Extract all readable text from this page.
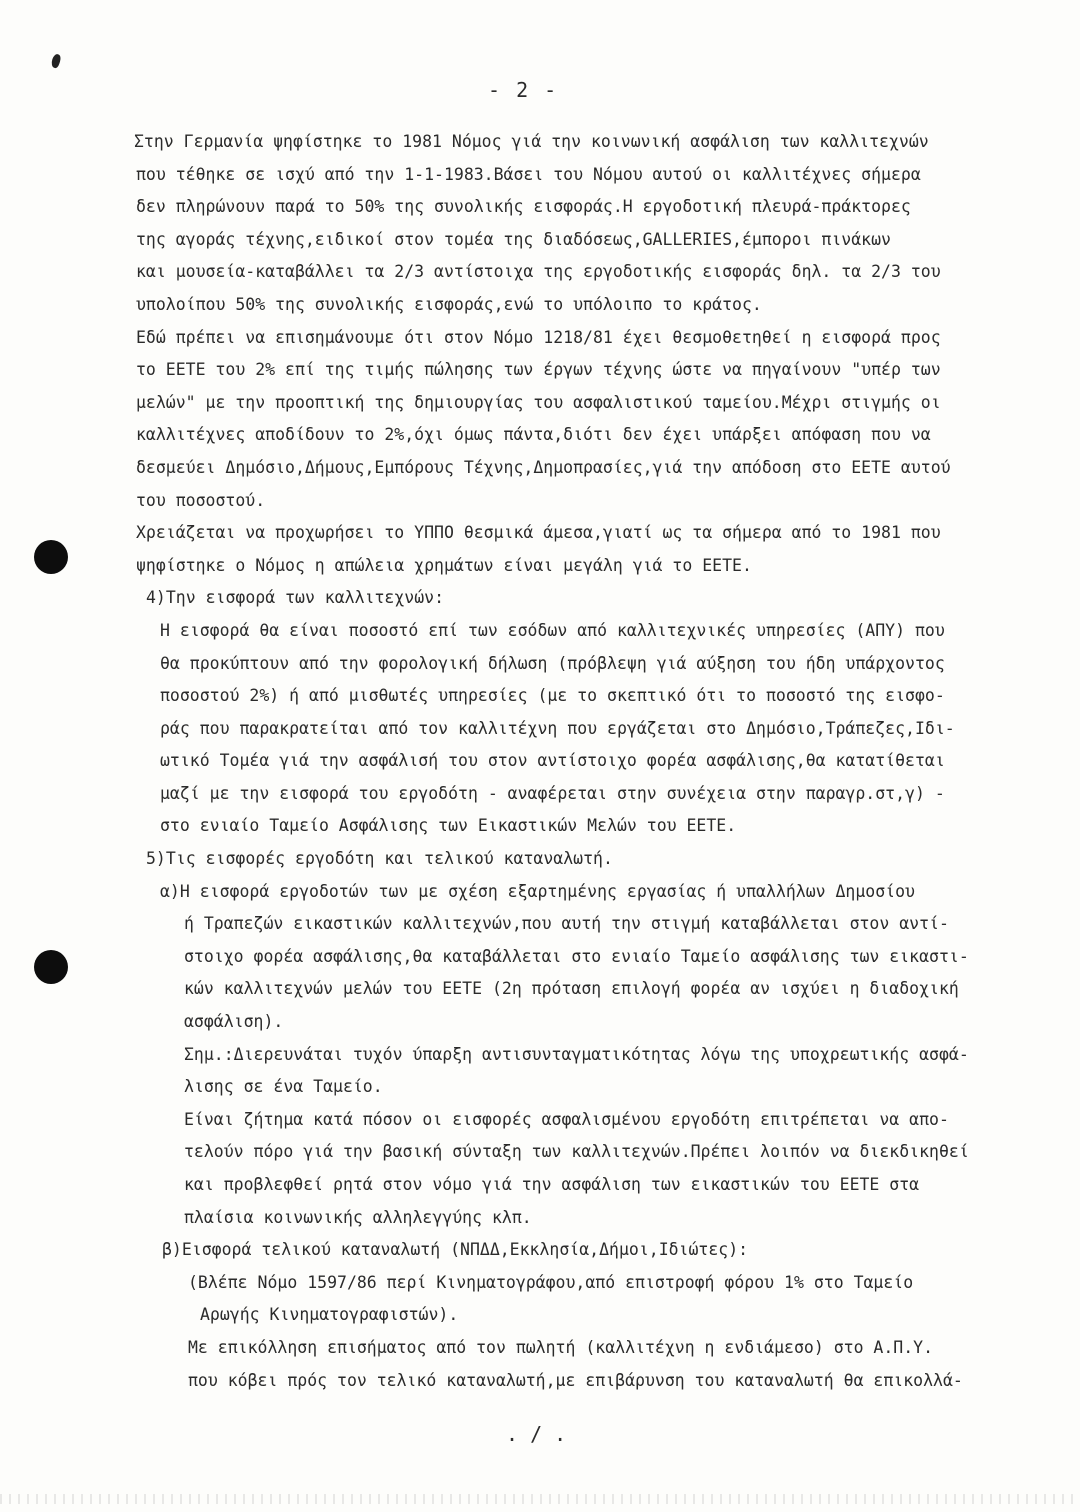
- 2 -
Στην Γερμανία ψηφίστηκε το 1981 Νόμος γιά την κοινωνική ασφάλιση των καλλιτεχνών
που τέθηκε σε ισχύ από την 1-1-1983.Βάσει του Νόμου αυτού οι καλλιτέχνες σήμερα
δεν πληρώνουν παρά το 50% της συνολικής εισφοράς.Η εργοδοτική πλευρά-πράκτορες
της αγοράς τέχνης,ειδικοί στον τομέα της διαδόσεως,GALLERIES,έμποροι πινάκων
και μουσεία-καταβάλλει τα 2/3 αντίστοιχα της εργοδοτικής εισφοράς δηλ. τα 2/3 του
υπολοίπου 50% της συνολικής εισφοράς,ενώ το υπόλοιπο το κράτος.
Εδώ πρέπει να επισημάνουμε ότι στον Νόμο 1218/81 έχει θεσμοθετηθεί η εισφορά προς
το ΕΕΤΕ του 2% επί της τιμής πώλησης των έργων τέχνης ώστε να πηγαίνουν "υπέρ των
μελών" με την προοπτική της δημιουργίας του ασφαλιστικού ταμείου.Μέχρι στιγμής οι
καλλιτέχνες αποδίδουν το 2%,όχι όμως πάντα,διότι δεν έχει υπάρξει απόφαση που να
δεσμεύει Δημόσιο,Δήμους,Εμπόρους Τέχνης,Δημοπρασίες,γιά την απόδοση στο ΕΕΤΕ αυτού
του ποσοστού.
Χρειάζεται να προχωρήσει το ΥΠΠΟ θεσμικά άμεσα,γιατί ως τα σήμερα από το 1981 που
ψηφίστηκε ο Νόμος η απώλεια χρημάτων είναι μεγάλη γιά το ΕΕΤΕ.
4)Την εισφορά των καλλιτεχνών:
Η εισφορά θα είναι ποσοστό επί των εσόδων από καλλιτεχνικές υπηρεσίες (ΑΠΥ) που
θα προκύπτουν από την φορολογική δήλωση (πρόβλεψη γιά αύξηση του ήδη υπάρχοντος
ποσοστού 2%) ή από μισθωτές υπηρεσίες (με το σκεπτικό ότι το ποσοστό της εισφο-
ράς που παρακρατείται από τον καλλιτέχνη που εργάζεται στο Δημόσιο,Τράπεζες,Ιδι-
ωτικό Τομέα γιά την ασφάλισή του στον αντίστοιχο φορέα ασφάλισης,θα κατατίθεται
μαζί με την εισφορά του εργοδότη - αναφέρεται στην συνέχεια στην παραγρ.στ,γ) -
στο ενιαίο Ταμείο Ασφάλισης των Εικαστικών Μελών του ΕΕΤΕ.
5)Τις εισφορές εργοδότη και τελικού καταναλωτή.
α)Η εισφορά εργοδοτών των με σχέση εξαρτημένης εργασίας ή υπαλλήλων Δημοσίου
ή Τραπεζών εικαστικών καλλιτεχνών,που αυτή την στιγμή καταβάλλεται στον αντί-
στοιχο φορέα ασφάλισης,θα καταβάλλεται στο ενιαίο Ταμείο ασφάλισης των εικαστι-
κών καλλιτεχνών μελών του ΕΕΤΕ (2η πρόταση επιλογή φορέα αν ισχύει η διαδοχική
ασφάλιση).
Σημ.:Διερευνάται τυχόν ύπαρξη αντισυνταγματικότητας λόγω της υποχρεωτικής ασφά-
λισης σε ένα Ταμείο.
Είναι ζήτημα κατά πόσον οι εισφορές ασφαλισμένου εργοδότη επιτρέπεται να απο-
τελούν πόρο γιά την βασική σύνταξη των καλλιτεχνών.Πρέπει λοιπόν να διεκδικηθεί
και προβλεφθεί ρητά στον νόμο γιά την ασφάλιση των εικαστικών του ΕΕΤΕ στα
πλαίσια κοινωνικής αλληλεγγύης κλπ.
β)Εισφορά τελικού καταναλωτή (ΝΠΔΔ,Εκκλησία,Δήμοι,Ιδιώτες):
(Βλέπε Νόμο 1597/86 περί Κινηματογράφου,από επιστροφή φόρου 1% στο Ταμείο
Αρωγής Κινηματογραφιστών).
Με επικόλληση επισήματος από τον πωλητή (καλλιτέχνη η ενδιάμεσο) στο Α.Π.Υ.
που κόβει πρός τον τελικό καταναλωτή,με επιβάρυνση του καταναλωτή θα επικολλά-
. / .
